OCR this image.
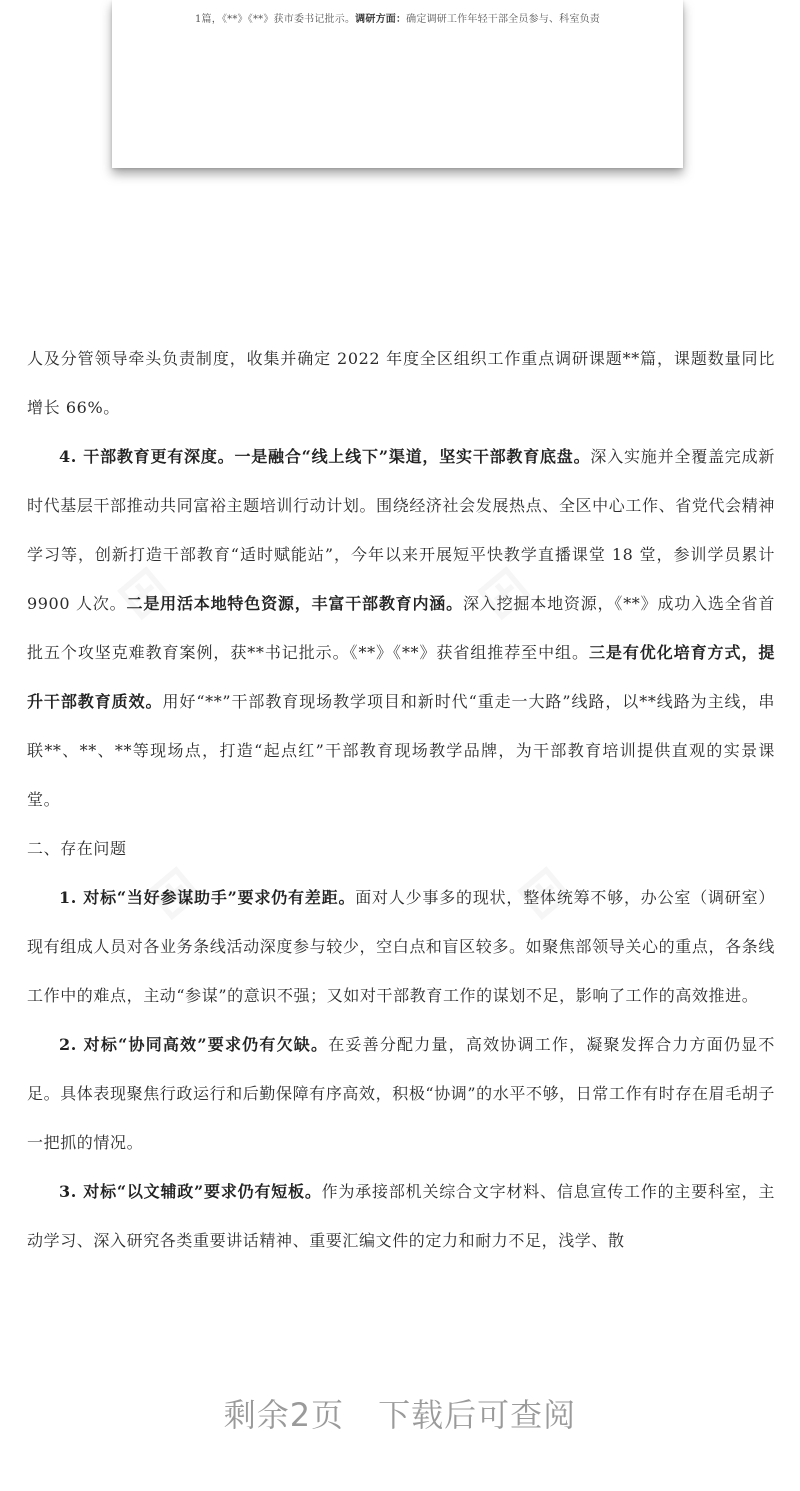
1篇，《**》《**》获市委书记批示。调研方面：确定调研工作年轻干部全员参与、科室负责

人及分管领导牵头负责制度，收集并确定 2022 年度全区组织工作重点调研课题**篇，课题数量同比增长 66%。

4. 干部教育更有深度。一是融合“线上线下”渠道，坚实干部教育底盘。深入实施并全覆盖完成新时代基层干部推动共同富裕主题培训行动计划。围绕经济社会发展热点、全区中心工作、省党代会精神学习等，创新打造干部教育“适时赋能站”，今年以来开展短平快教学直播课堂 18 堂，参训学员累计 9900 人次。二是用活本地特色资源，丰富干部教育内涵。深入挖掘本地资源，《**》成功入选全省首批五个攻坚克难教育案例，获**书记批示。《**》《**》获省组推荐至中组。三是有优化培育方式，提升干部教育质效。用好“**”干部教育现场教学项目和新时代“重走一大路”线路，以**线路为主线，串联**、**、**等现场点，打造“起点红”干部教育现场教学品牌，为干部教育培训提供直观的实景课堂。

二、存在问题

1. 对标“当好参谋助手”要求仍有差距。面对人少事多的现状，整体统筹不够，办公室（调研室）现有组成人员对各业务条线活动深度参与较少，空白点和盲区较多。如聚焦部领导关心的重点，各条线工作中的难点，主动“参谋”的意识不强；又如对干部教育工作的谋划不足，影响了工作的高效推进。

2. 对标“协同高效”要求仍有欠缺。在妥善分配力量，高效协调工作，凝聚发挥合力方面仍显不足。具体表现聚焦行政运行和后勤保障有序高效，积极“协调”的水平不够，日常工作有时存在眉毛胡子一把抓的情况。

3. 对标“以文辅政”要求仍有短板。作为承接部机关综合文字材料、信息宣传工作的主要科室，主动学习、深入研究各类重要讲话精神、重要汇编文件的定力和耐力不足，浅学、散

剩余2页 下载后可查阅
